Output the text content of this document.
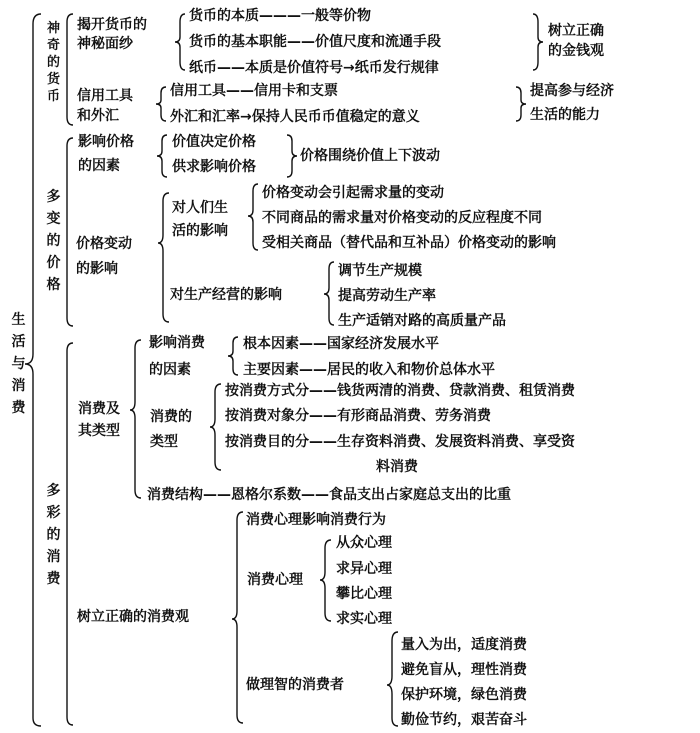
生活与消费
神奇的货币
揭开货币的
神秘面纱
货币的本质———一般等价物
货币的基本职能——价值尺度和流通手段
纸币——本质是价值符号→纸币发行规律
树立正确
的金钱观
信用工具
和外汇
信用工具——信用卡和支票
外汇和汇率→保持人民币币值稳定的意义
提高参与经济
生活的能力
多变的价格
影响价格
的因素
价值决定价格
供求影响价格
价格围绕价值上下波动
价格变动
的影响
对人们生
活的影响
价格变动会引起需求量的变动
不同商品的需求量对价格变动的反应程度不同
受相关商品（替代品和互补品）价格变动的影响
对生产经营的影响
调节生产规模
提高劳动生产率
生产适销对路的高质量产品
多彩的消费
消费及
其类型
影响消费
的因素
根本因素——国家经济发展水平
主要因素——居民的收入和物价总体水平
消费的
类型
按消费方式分——钱货两清的消费、贷款消费、租赁消费
按消费对象分——有形商品消费、劳务消费
按消费目的分——生存资料消费、发展资料消费、享受资
料消费
消费结构——恩格尔系数——食品支出占家庭总支出的比重
树立正确的消费观
消费心理影响消费行为
消费心理
从众心理
求异心理
攀比心理
求实心理
做理智的消费者
量入为出，适度消费
避免盲从，理性消费
保护环境，绿色消费
勤俭节约，艰苦奋斗
